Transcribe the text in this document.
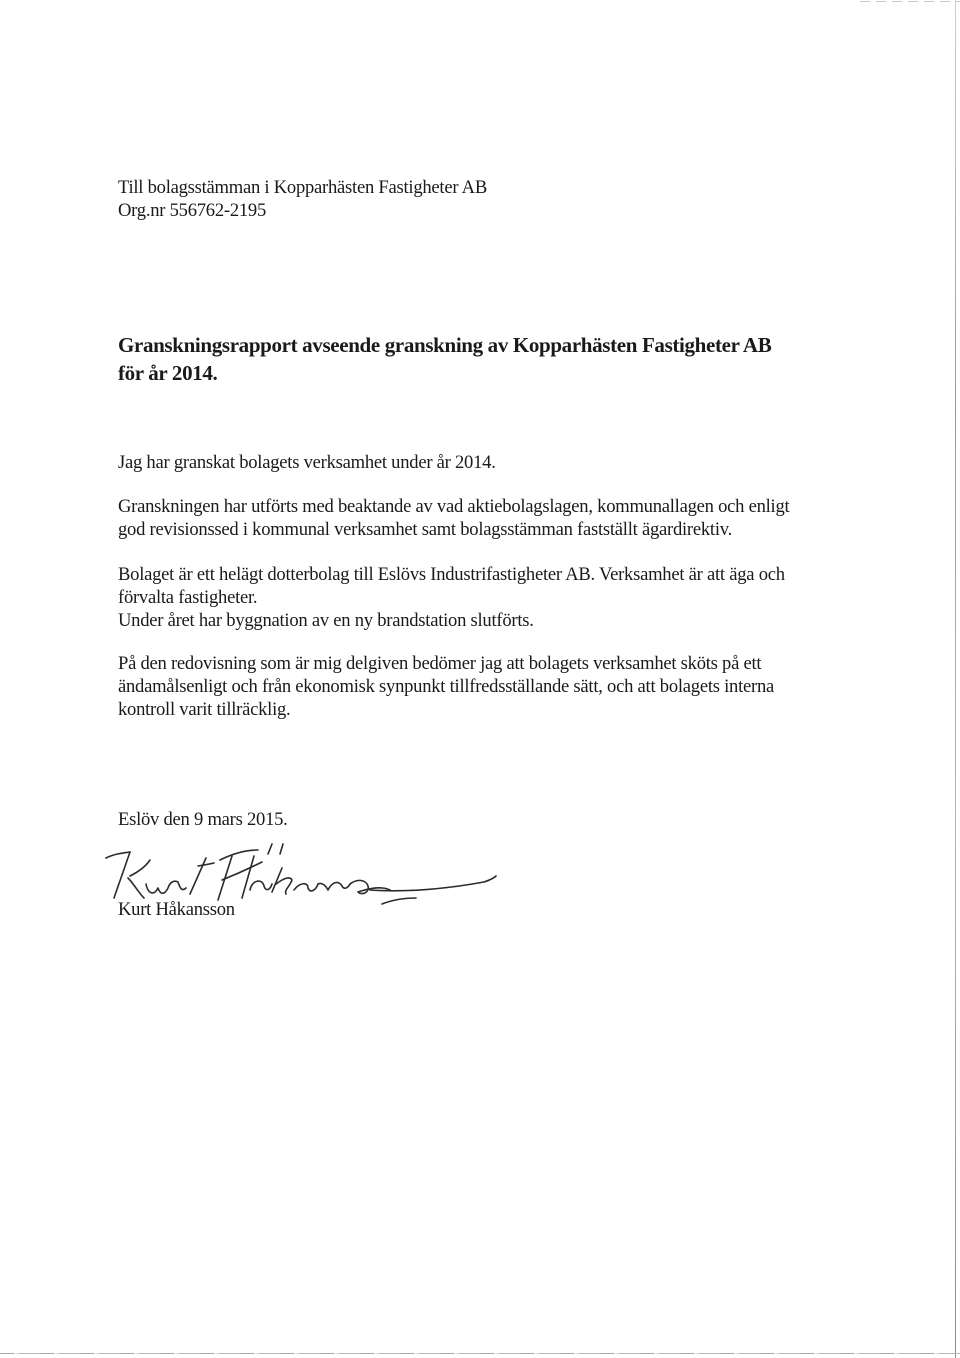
Till bolagsstämman i Kopparhästen Fastigheter AB
Org.nr 556762-2195
Granskningsrapport avseende granskning av Kopparhästen Fastigheter AB
för år 2014.
Jag har granskat bolagets verksamhet under år 2014.
Granskningen har utförts med beaktande av vad aktiebolagslagen, kommunallagen och enligt
god revisionssed i kommunal verksamhet samt bolagsstämman fastställt ägardirektiv.
Bolaget är ett helägt dotterbolag till Eslövs Industrifastigheter AB. Verksamhet är att äga och
förvalta fastigheter.
Under året har byggnation av en ny brandstation slutförts.
På den redovisning som är mig delgiven bedömer jag att bolagets verksamhet sköts på ett
ändamålsenligt och från ekonomisk synpunkt tillfredsställande sätt, och att bolagets interna
kontroll varit tillräcklig.
Eslöv den 9 mars 2015.
Kurt Håkansson
